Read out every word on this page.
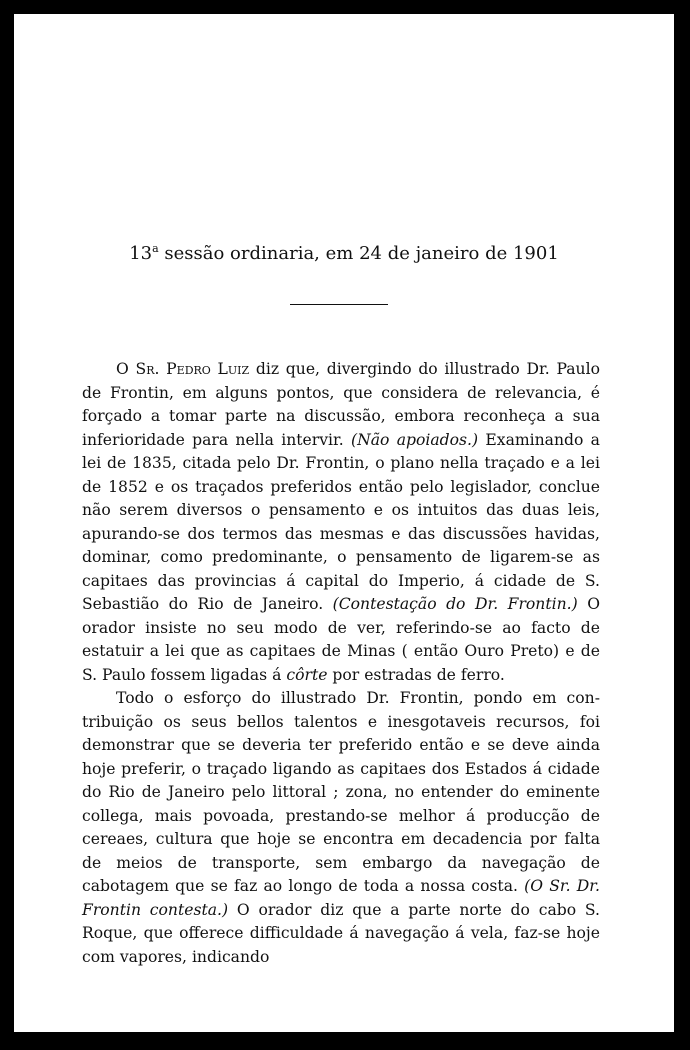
13$^a$ sessão ordinaria, em 24 de janeiro de 1901

O Sr. Pedro Luiz diz que, divergindo do illustrado Dr. Paulo de Frontin, em alguns pontos, que considera de relevancia, é forçado a tomar parte na discussão, embora reconheça a sua inferioridade para nella intervir. (Não apoiados.) Examinando a lei de 1835, citada pelo Dr. Frontin, o plano nella traçado e a lei de 1852 e os traçados preferidos então pelo legislador, conclue não serem diversos o pensamento e os intuitos das duas leis, apurando-se dos termos das mesmas e das discussões havidas, dominar, como predominante, o pensamento de ligarem-se as capitaes das provincias á capital do Imperio, á cidade de S. Sebastião do Rio de Janeiro. (Contestação do Dr. Frontin.) O orador insiste no seu modo de ver, referindo-se ao facto de estatuir a lei que as capitaes de Minas ( então Ouro Preto) e de S. Paulo fossem ligadas á côrte por estradas de ferro.

Todo o esforço do illustrado Dr. Frontin, pondo em contribuição os seus bellos talentos e inesgotaveis recursos, foi demonstrar que se deveria ter preferido então e se deve ainda hoje preferir, o traçado ligando as capitaes dos Estados á cidade do Rio de Janeiro pelo littoral ; zona, no entender do eminente collega, mais povoada, prestando-se melhor á producção de cereaes, cultura que hoje se encontra em decadencia por falta de meios de transporte, sem embargo da navegação de cabotagem que se faz ao longo de toda a nossa costa. (O Sr. Dr. Frontin contesta.) O orador diz que a parte norte do cabo S. Roque, que offerece difficuldade á navegação á vela, faz-se hoje com vapores, indicando
